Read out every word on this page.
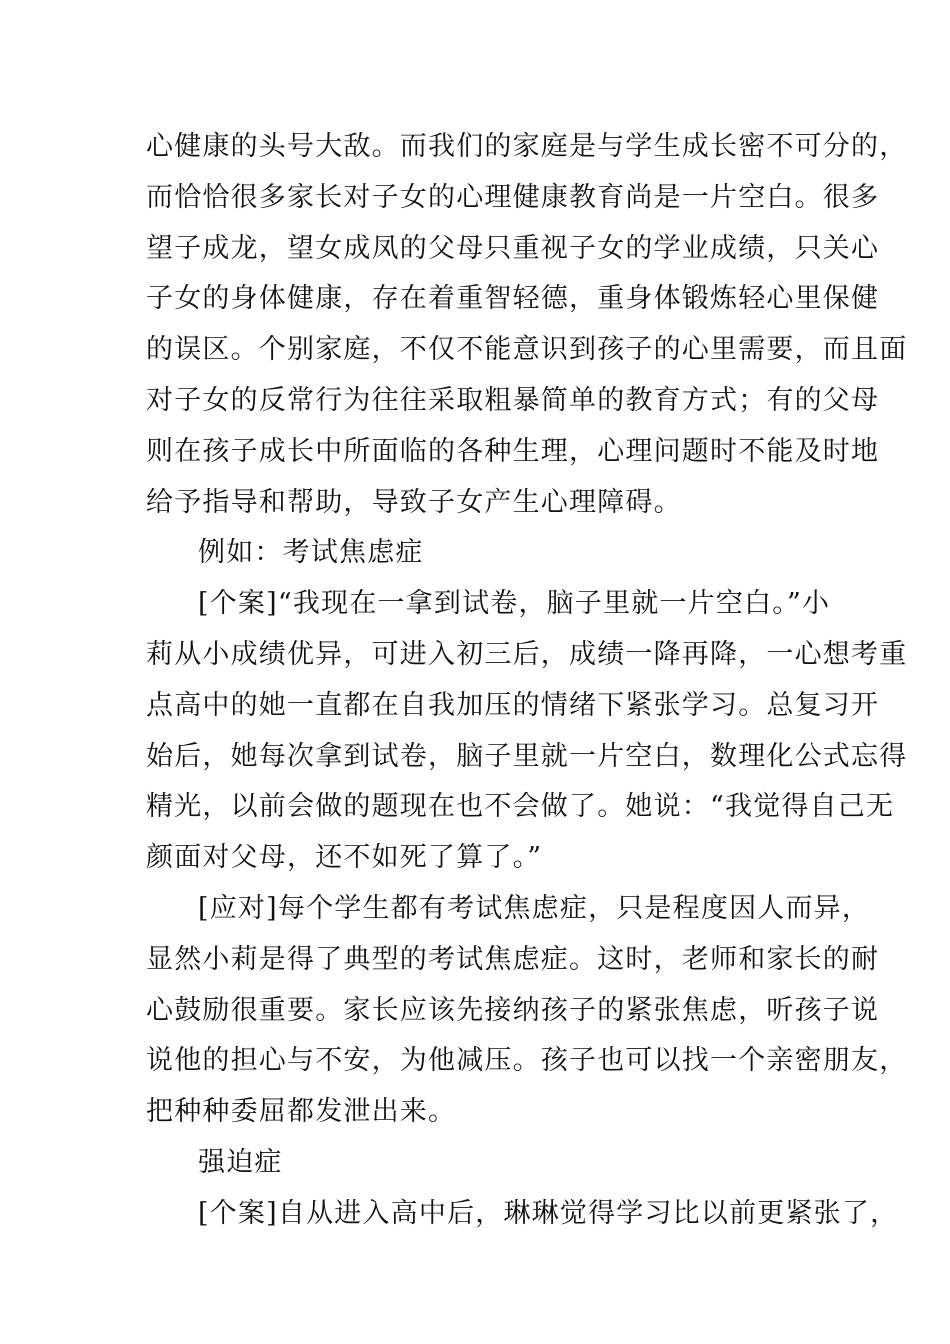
心健康的头号大敌。而我们的家庭是与学生成长密不可分的，
而恰恰很多家长对子女的心理健康教育尚是一片空白。很多
望子成龙，望女成凤的父母只重视子女的学业成绩，只关心
子女的身体健康，存在着重智轻德，重身体锻炼轻心里保健
的误区。个别家庭，不仅不能意识到孩子的心里需要，而且面
对子女的反常行为往往采取粗暴简单的教育方式；有的父母
则在孩子成长中所面临的各种生理，心理问题时不能及时地
给予指导和帮助，导致子女产生心理障碍。
例如：考试焦虑症
[个案]“我现在一拿到试卷，脑子里就一片空白。”小
莉从小成绩优异，可进入初三后，成绩一降再降，一心想考重
点高中的她一直都在自我加压的情绪下紧张学习。总复习开
始后，她每次拿到试卷，脑子里就一片空白，数理化公式忘得
精光，以前会做的题现在也不会做了。她说：“我觉得自己无
颜面对父母，还不如死了算了。”
[应对]每个学生都有考试焦虑症，只是程度因人而异，
显然小莉是得了典型的考试焦虑症。这时，老师和家长的耐
心鼓励很重要。家长应该先接纳孩子的紧张焦虑，听孩子说
说他的担心与不安，为他减压。孩子也可以找一个亲密朋友，
把种种委屈都发泄出来。
强迫症
[个案]自从进入高中后，琳琳觉得学习比以前更紧张了，
